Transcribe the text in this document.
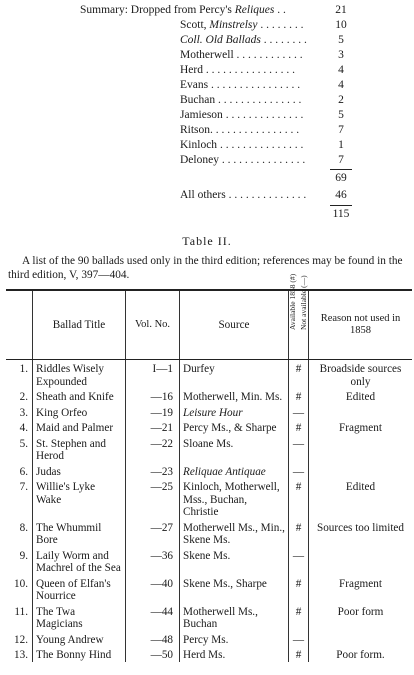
Summary: Dropped from Percy's Reliques . .	21
Scott, Minstrelsy . . . . . . . .	10
Coll. Old Ballads . . . . . . . .	5
Motherwell . . . . . . . . . . . .	3
Herd . . . . . . . . . . . . . . . .	4
Evans . . . . . . . . . . . . . . . .	4
Buchan . . . . . . . . . . . . . . .	2
Jamieson . . . . . . . . . . . . . .	5
Ritson. . . . . . . . . . . . . . . .	7
Kinloch . . . . . . . . . . . . . . .	1
Deloney . . . . . . . . . . . . . . .	7
69
All others . . . . . . . . . . . . . .	46
115
Table II.
A list of the 90 ballads used only in the third edition; references may be found in the third edition, V, 397—404.
	Ballad Title	Vol. No.	Source	Available 1858 (#) Not available (—)	Reason not used in 1858
1.	Riddles Wisely Expounded	I—1	Durfey	#	Broadside sources only
2.	Sheath and Knife	—16	Motherwell, Min. Ms.	#	Edited
3.	King Orfeo	—19	Leisure Hour	—	
4.	Maid and Palmer	—21	Percy Ms., & Sharpe	#	Fragment
5.	St. Stephen and Herod	—22	Sloane Ms.	—	
6.	Judas	—23	Reliquae Antiquae	—	
7.	Willie's Lyke Wake	—25	Kinloch, Motherwell, Mss., Buchan, Christie	#	Edited
8.	The Whummil Bore	—27	Motherwell Ms., Min., Skene Ms.	#	Sources too limited
9.	Laily Worm and Machrel of the Sea	—36	Skene Ms.	—	
10.	Queen of Elfan's Nourrice	—40	Skene Ms., Sharpe	#	Fragment
11.	The Twa Magicians	—44	Motherwell Ms., Buchan	#	Poor form
12.	Young Andrew	—48	Percy Ms.	—	
13.	The Bonny Hind	—50	Herd Ms.	#	Poor form.
